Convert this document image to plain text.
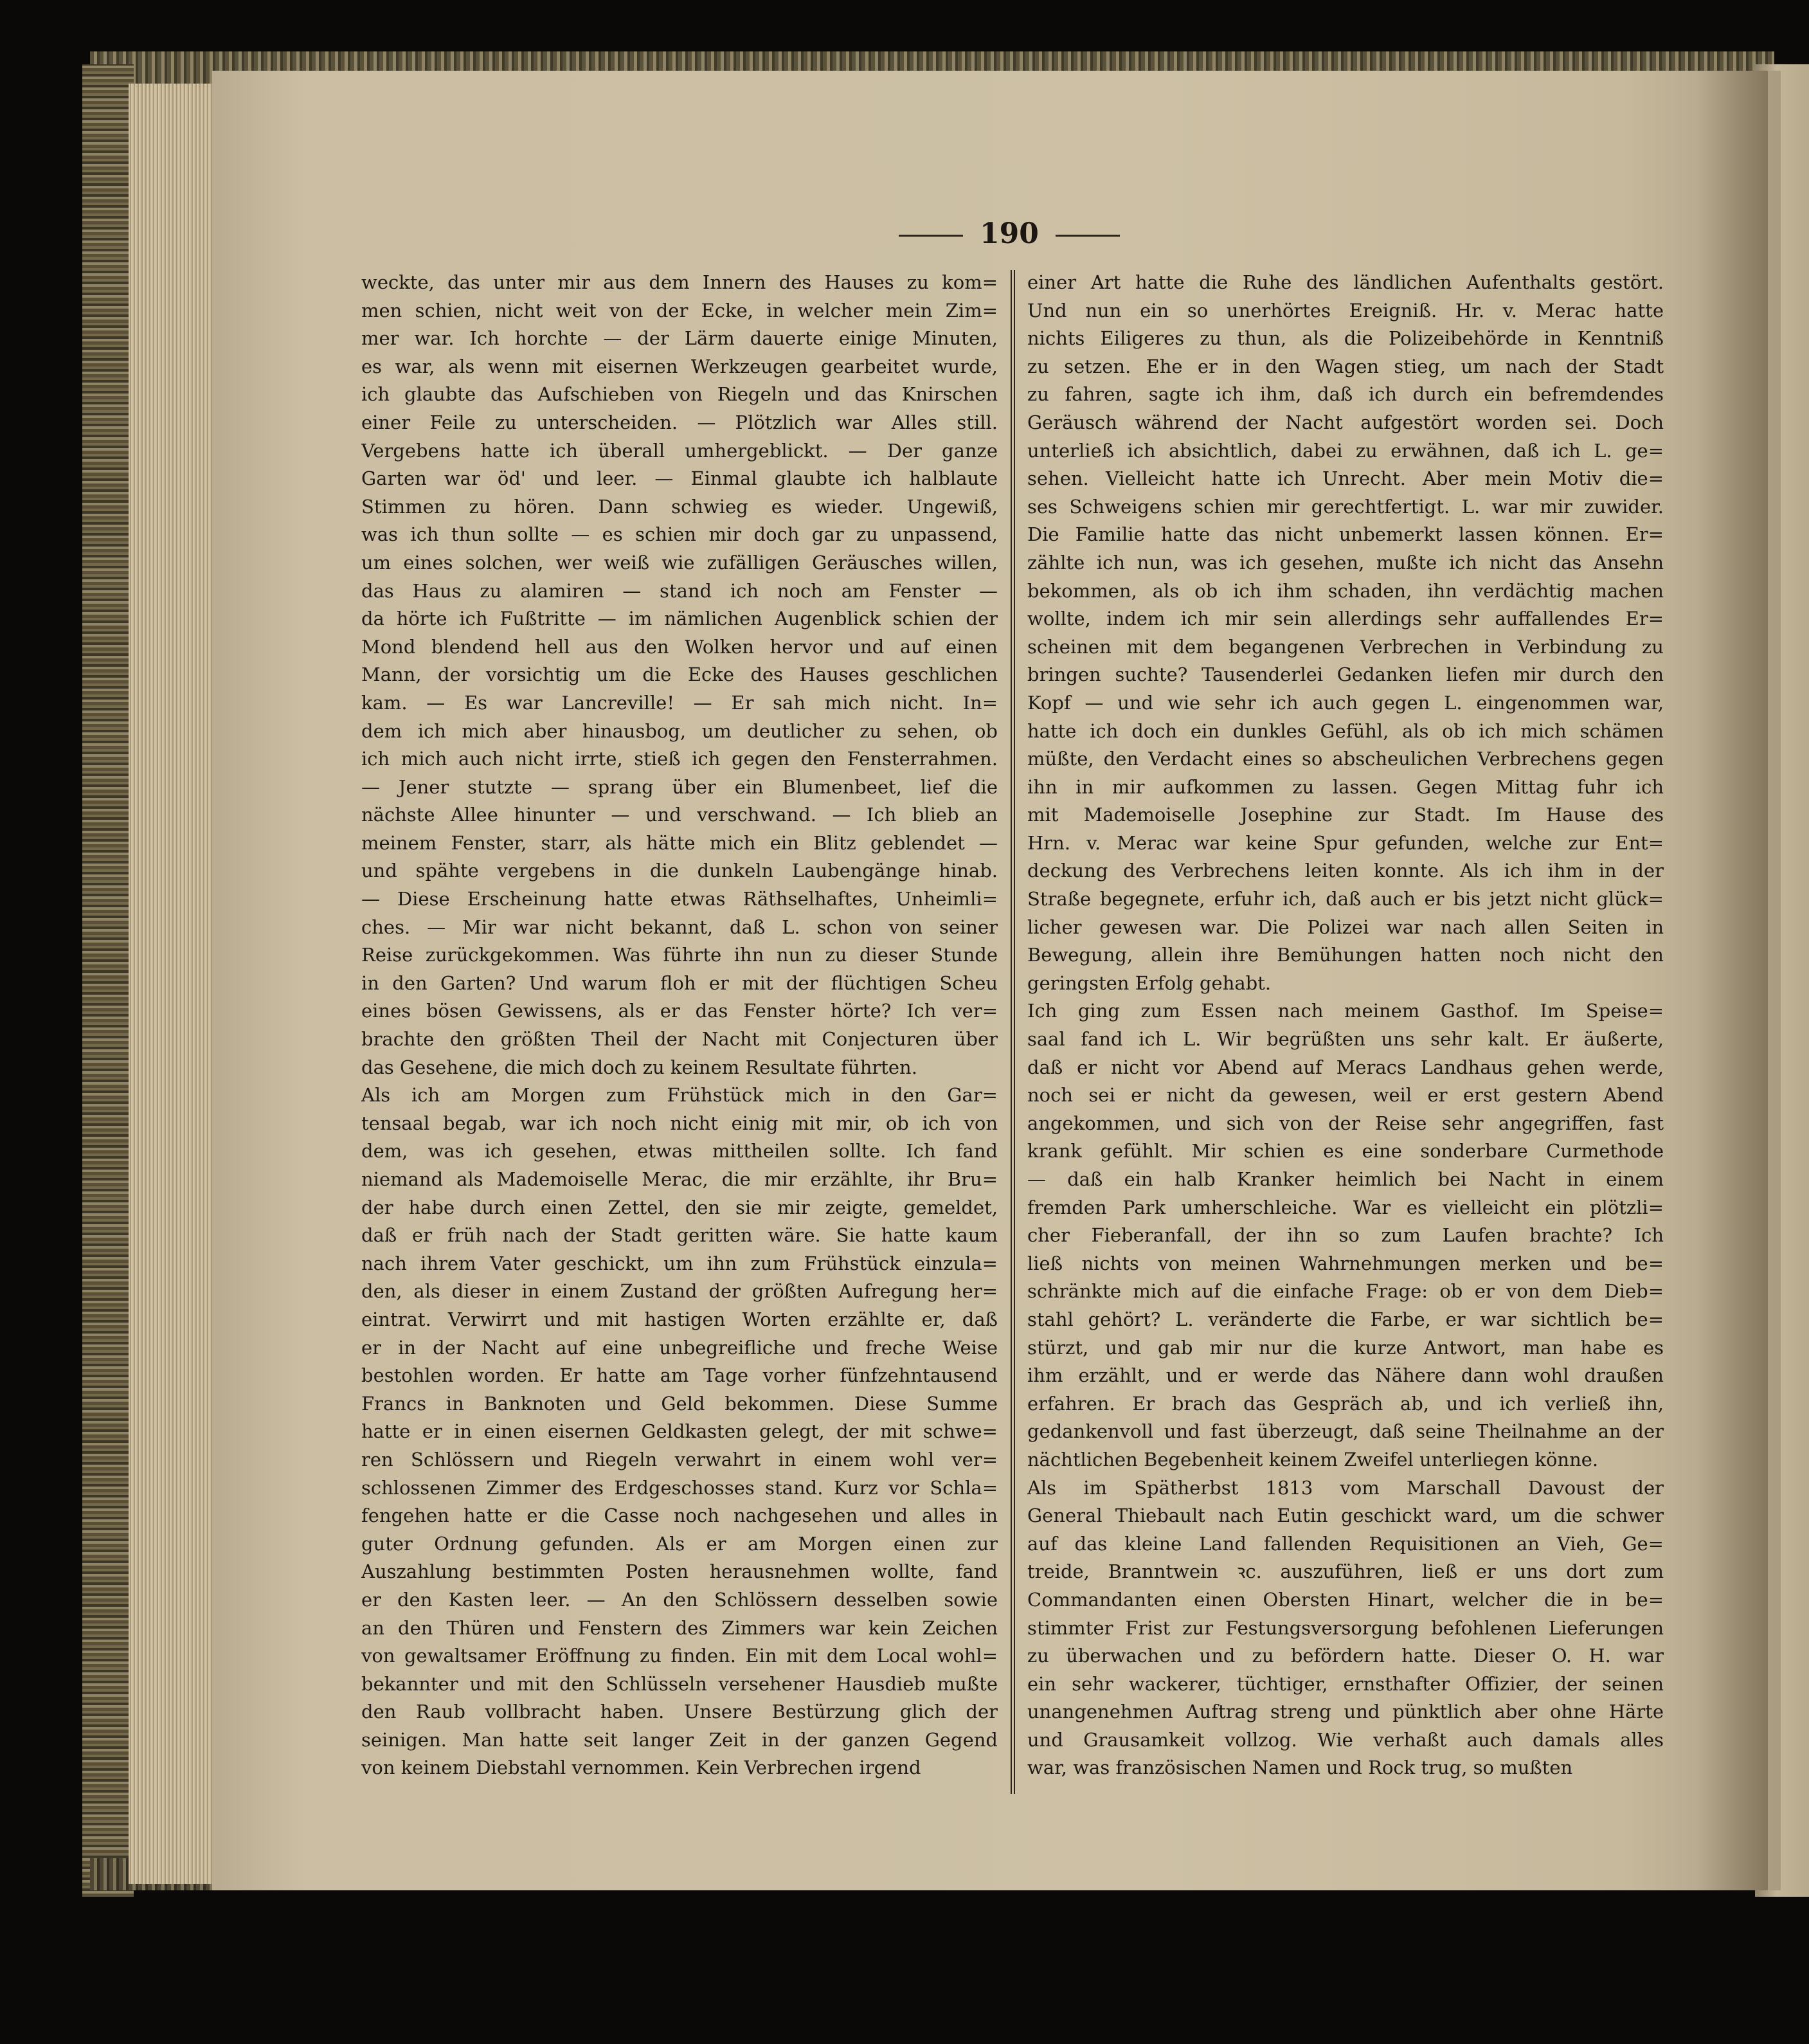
190
weckte, das unter mir aus dem Innern des Hauses zu kom=
men schien, nicht weit von der Ecke, in welcher mein Zim=
mer war. Ich horchte — der Lärm dauerte einige Minuten,
es war, als wenn mit eisernen Werkzeugen gearbeitet wurde,
ich glaubte das Aufschieben von Riegeln und das Knirschen
einer Feile zu unterscheiden. — Plötzlich war Alles still.
Vergebens hatte ich überall umhergeblickt. — Der ganze
Garten war öd' und leer. — Einmal glaubte ich halblaute
Stimmen zu hören. Dann schwieg es wieder. Ungewiß,
was ich thun sollte — es schien mir doch gar zu unpassend,
um eines solchen, wer weiß wie zufälligen Geräusches willen,
das Haus zu alamiren — stand ich noch am Fenster —
da hörte ich Fußtritte — im nämlichen Augenblick schien der
Mond blendend hell aus den Wolken hervor und auf einen
Mann, der vorsichtig um die Ecke des Hauses geschlichen
kam. — Es war Lancreville! — Er sah mich nicht. In=
dem ich mich aber hinausbog, um deutlicher zu sehen, ob
ich mich auch nicht irrte, stieß ich gegen den Fensterrahmen.
— Jener stutzte — sprang über ein Blumenbeet, lief die
nächste Allee hinunter — und verschwand. — Ich blieb an
meinem Fenster, starr, als hätte mich ein Blitz geblendet —
und spähte vergebens in die dunkeln Laubengänge hinab.
— Diese Erscheinung hatte etwas Räthselhaftes, Unheimli=
ches. — Mir war nicht bekannt, daß L. schon von seiner
Reise zurückgekommen. Was führte ihn nun zu dieser Stunde
in den Garten? Und warum floh er mit der flüchtigen Scheu
eines bösen Gewissens, als er das Fenster hörte? Ich ver=
brachte den größten Theil der Nacht mit Conjecturen über
das Gesehene, die mich doch zu keinem Resultate führten.
Als ich am Morgen zum Frühstück mich in den Gar=
tensaal begab, war ich noch nicht einig mit mir, ob ich von
dem, was ich gesehen, etwas mittheilen sollte. Ich fand
niemand als Mademoiselle Merac, die mir erzählte, ihr Bru=
der habe durch einen Zettel, den sie mir zeigte, gemeldet,
daß er früh nach der Stadt geritten wäre. Sie hatte kaum
nach ihrem Vater geschickt, um ihn zum Frühstück einzula=
den, als dieser in einem Zustand der größten Aufregung her=
eintrat. Verwirrt und mit hastigen Worten erzählte er, daß
er in der Nacht auf eine unbegreifliche und freche Weise
bestohlen worden. Er hatte am Tage vorher fünfzehntausend
Francs in Banknoten und Geld bekommen. Diese Summe
hatte er in einen eisernen Geldkasten gelegt, der mit schwe=
ren Schlössern und Riegeln verwahrt in einem wohl ver=
schlossenen Zimmer des Erdgeschosses stand. Kurz vor Schla=
fengehen hatte er die Casse noch nachgesehen und alles in
guter Ordnung gefunden. Als er am Morgen einen zur
Auszahlung bestimmten Posten herausnehmen wollte, fand
er den Kasten leer. — An den Schlössern desselben sowie
an den Thüren und Fenstern des Zimmers war kein Zeichen
von gewaltsamer Eröffnung zu finden. Ein mit dem Local wohl=
bekannter und mit den Schlüsseln versehener Hausdieb mußte
den Raub vollbracht haben. Unsere Bestürzung glich der
seinigen. Man hatte seit langer Zeit in der ganzen Gegend
von keinem Diebstahl vernommen. Kein Verbrechen irgend
einer Art hatte die Ruhe des ländlichen Aufenthalts gestört.
Und nun ein so unerhörtes Ereigniß. Hr. v. Merac hatte
nichts Eiligeres zu thun, als die Polizeibehörde in Kenntniß
zu setzen. Ehe er in den Wagen stieg, um nach der Stadt
zu fahren, sagte ich ihm, daß ich durch ein befremdendes
Geräusch während der Nacht aufgestört worden sei. Doch
unterließ ich absichtlich, dabei zu erwähnen, daß ich L. ge=
sehen. Vielleicht hatte ich Unrecht. Aber mein Motiv die=
ses Schweigens schien mir gerechtfertigt. L. war mir zuwider.
Die Familie hatte das nicht unbemerkt lassen können. Er=
zählte ich nun, was ich gesehen, mußte ich nicht das Ansehn
bekommen, als ob ich ihm schaden, ihn verdächtig machen
wollte, indem ich mir sein allerdings sehr auffallendes Er=
scheinen mit dem begangenen Verbrechen in Verbindung zu
bringen suchte? Tausenderlei Gedanken liefen mir durch den
Kopf — und wie sehr ich auch gegen L. eingenommen war,
hatte ich doch ein dunkles Gefühl, als ob ich mich schämen
müßte, den Verdacht eines so abscheulichen Verbrechens gegen
ihn in mir aufkommen zu lassen. Gegen Mittag fuhr ich
mit Mademoiselle Josephine zur Stadt. Im Hause des
Hrn. v. Merac war keine Spur gefunden, welche zur Ent=
deckung des Verbrechens leiten konnte. Als ich ihm in der
Straße begegnete, erfuhr ich, daß auch er bis jetzt nicht glück=
licher gewesen war. Die Polizei war nach allen Seiten in
Bewegung, allein ihre Bemühungen hatten noch nicht den
geringsten Erfolg gehabt.
Ich ging zum Essen nach meinem Gasthof. Im Speise=
saal fand ich L. Wir begrüßten uns sehr kalt. Er äußerte,
daß er nicht vor Abend auf Meracs Landhaus gehen werde,
noch sei er nicht da gewesen, weil er erst gestern Abend
angekommen, und sich von der Reise sehr angegriffen, fast
krank gefühlt. Mir schien es eine sonderbare Curmethode
— daß ein halb Kranker heimlich bei Nacht in einem
fremden Park umherschleiche. War es vielleicht ein plötzli=
cher Fieberanfall, der ihn so zum Laufen brachte? Ich
ließ nichts von meinen Wahrnehmungen merken und be=
schränkte mich auf die einfache Frage: ob er von dem Dieb=
stahl gehört? L. veränderte die Farbe, er war sichtlich be=
stürzt, und gab mir nur die kurze Antwort, man habe es
ihm erzählt, und er werde das Nähere dann wohl draußen
erfahren. Er brach das Gespräch ab, und ich verließ ihn,
gedankenvoll und fast überzeugt, daß seine Theilnahme an der
nächtlichen Begebenheit keinem Zweifel unterliegen könne.
Als im Spätherbst 1813 vom Marschall Davoust der
General Thiebault nach Eutin geschickt ward, um die schwer
auf das kleine Land fallenden Requisitionen an Vieh, Ge=
treide, Branntwein ꝛc. auszuführen, ließ er uns dort zum
Commandanten einen Obersten Hinart, welcher die in be=
stimmter Frist zur Festungsversorgung befohlenen Lieferungen
zu überwachen und zu befördern hatte. Dieser O. H. war
ein sehr wackerer, tüchtiger, ernsthafter Offizier, der seinen
unangenehmen Auftrag streng und pünktlich aber ohne Härte
und Grausamkeit vollzog. Wie verhaßt auch damals alles
war, was französischen Namen und Rock trug, so mußten
